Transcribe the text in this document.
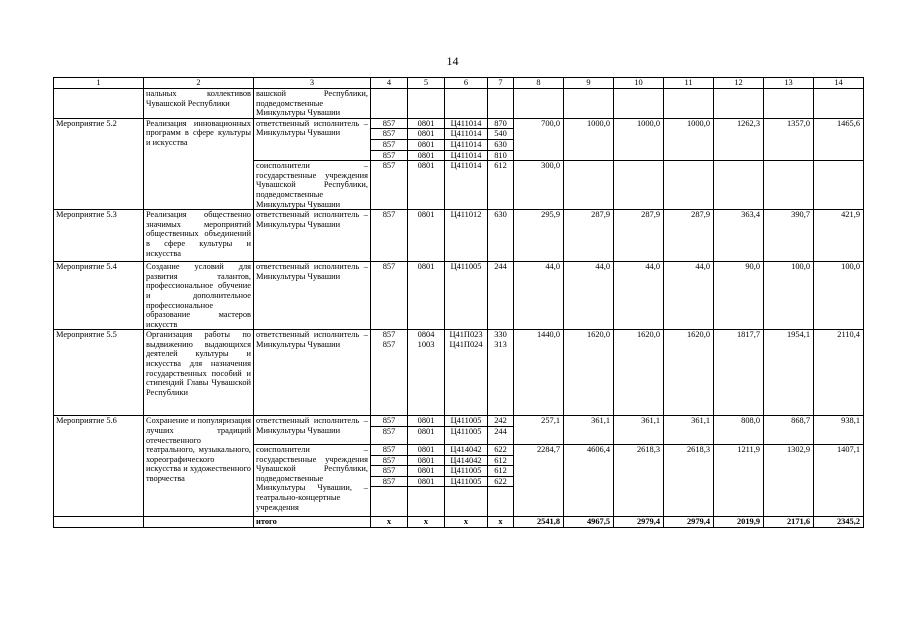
14
1	2	3	4	5	6	7	8	9	10	11	12	13	14
	нальных коллективов Чувашской Республики	вашской Республики, подведомственные Минкультуры Чувашии											
Мероприятие 5.2	Реализация инновационных программ в сфере культуры и искусства	ответственный исполнитель – Минкультуры Чувашии	857	0801	Ц411014	870	700,0	1000,0	1000,0	1000,0	1262,3	1357,0	1465,6
			857	0801	Ц411014	540							
			857	0801	Ц411014	630							
			857	0801	Ц411014	810							
		соисполнители – государственные учреждения Чувашской Республики, подведомственные Минкультуры Чувашии	857	0801	Ц411014	612	300,0						
Мероприятие 5.3	Реализация общественно значимых мероприятий общественных объединений в сфере культуры и искусства	ответственный исполнитель – Минкультуры Чувашии	857	0801	Ц411012	630	295,9	287,9	287,9	287,9	363,4	390,7	421,9
Мероприятие 5.4	Создание условий для развития талантов, профессиональное обучение и дополнительное профессиональное образование мастеров искусств	ответственный исполнитель – Минкультуры Чувашии	857	0801	Ц411005	244	44,0	44,0	44,0	44,0	90,0	100,0	100,0
Мероприятие 5.5	Организация работы по выдвижению выдающихся деятелей культуры и искусства для назначения государственных пособий и стипендий Главы Чувашской Республики	ответственный исполнитель – Минкультуры Чувашии	857	0804	Ц41П023	330	1440,0	1620,0	1620,0	1620,0	1817,7	1954,1	2110,4
			857	1003	Ц41П024	313							
Мероприятие 5.6	Сохранение и популяризация лучших традиций отечественного театрального, музыкального, хореографического искусства и художественного творчества	ответственный исполнитель – Минкультуры Чувашии	857	0801	Ц411005	242	257,1	361,1	361,1	361,1	808,0	868,7	938,1
			857	0801	Ц411005	244							
		соисполнители – государственные учреждения Чувашской Республики, подведомственные Минкультуры Чувашии, – театрально-концертные учреждения	857	0801	Ц414042	622	2284,7	4606,4	2618,3	2618,3	1211,9	1302,9	1407,1
			857	0801	Ц414042	612							
			857	0801	Ц411005	612							
			857	0801	Ц411005	622							

		итого	x	x	x	x	2541,8	4967,5	2979,4	2979,4	2019,9	2171,6	2345,2
